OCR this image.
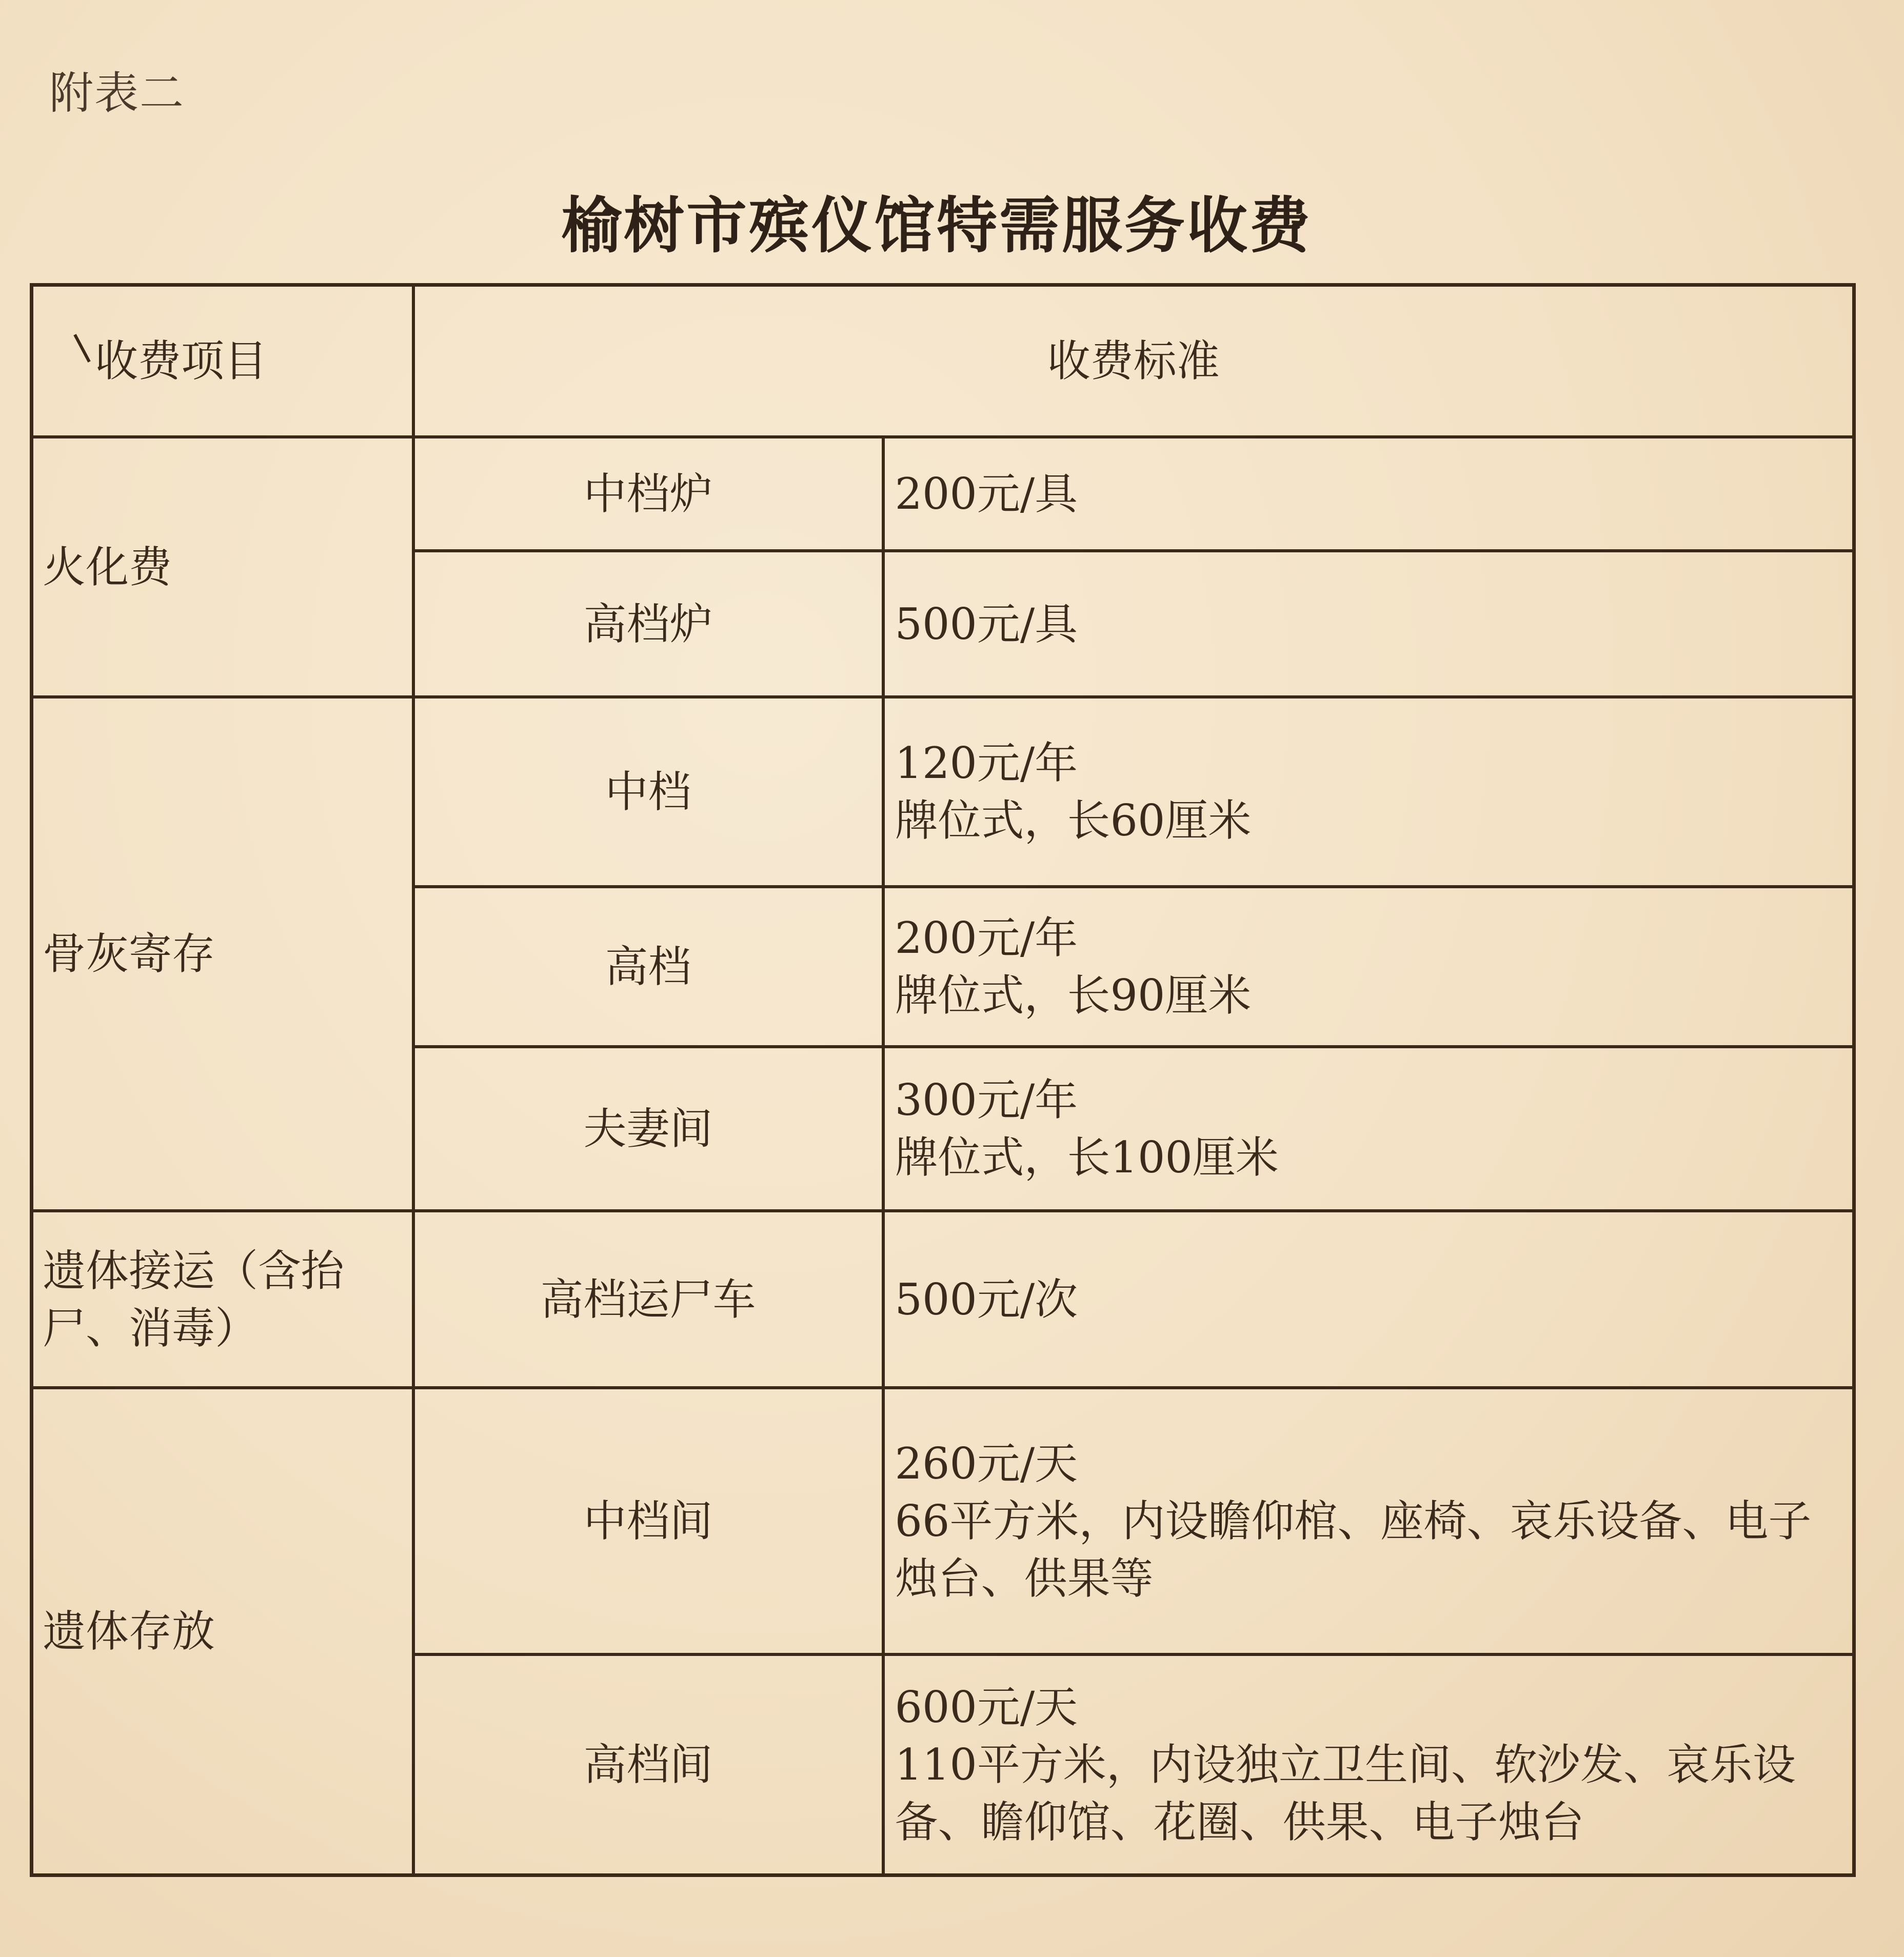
附表二
榆树市殡仪馆特需服务收费
收费项目	收费标准	
火化费	中档炉	200元/具

	高档炉	500元/具

骨灰寄存	中档	120元/年
牌位式，长60厘米

	高档	200元/年
牌位式，长90厘米

	夫妻间	300元/年
牌位式，长100厘米

遗体接运（含抬尸、消毒）	高档运尸车	500元/次

遗体存放	中档间	260元/天
66平方米，内设瞻仰棺、座椅、哀乐设备、电子烛台、供果等

	高档间	600元/天
110平方米，内设独立卫生间、软沙发、哀乐设备、瞻仰馆、花圈、供果、电子烛台
